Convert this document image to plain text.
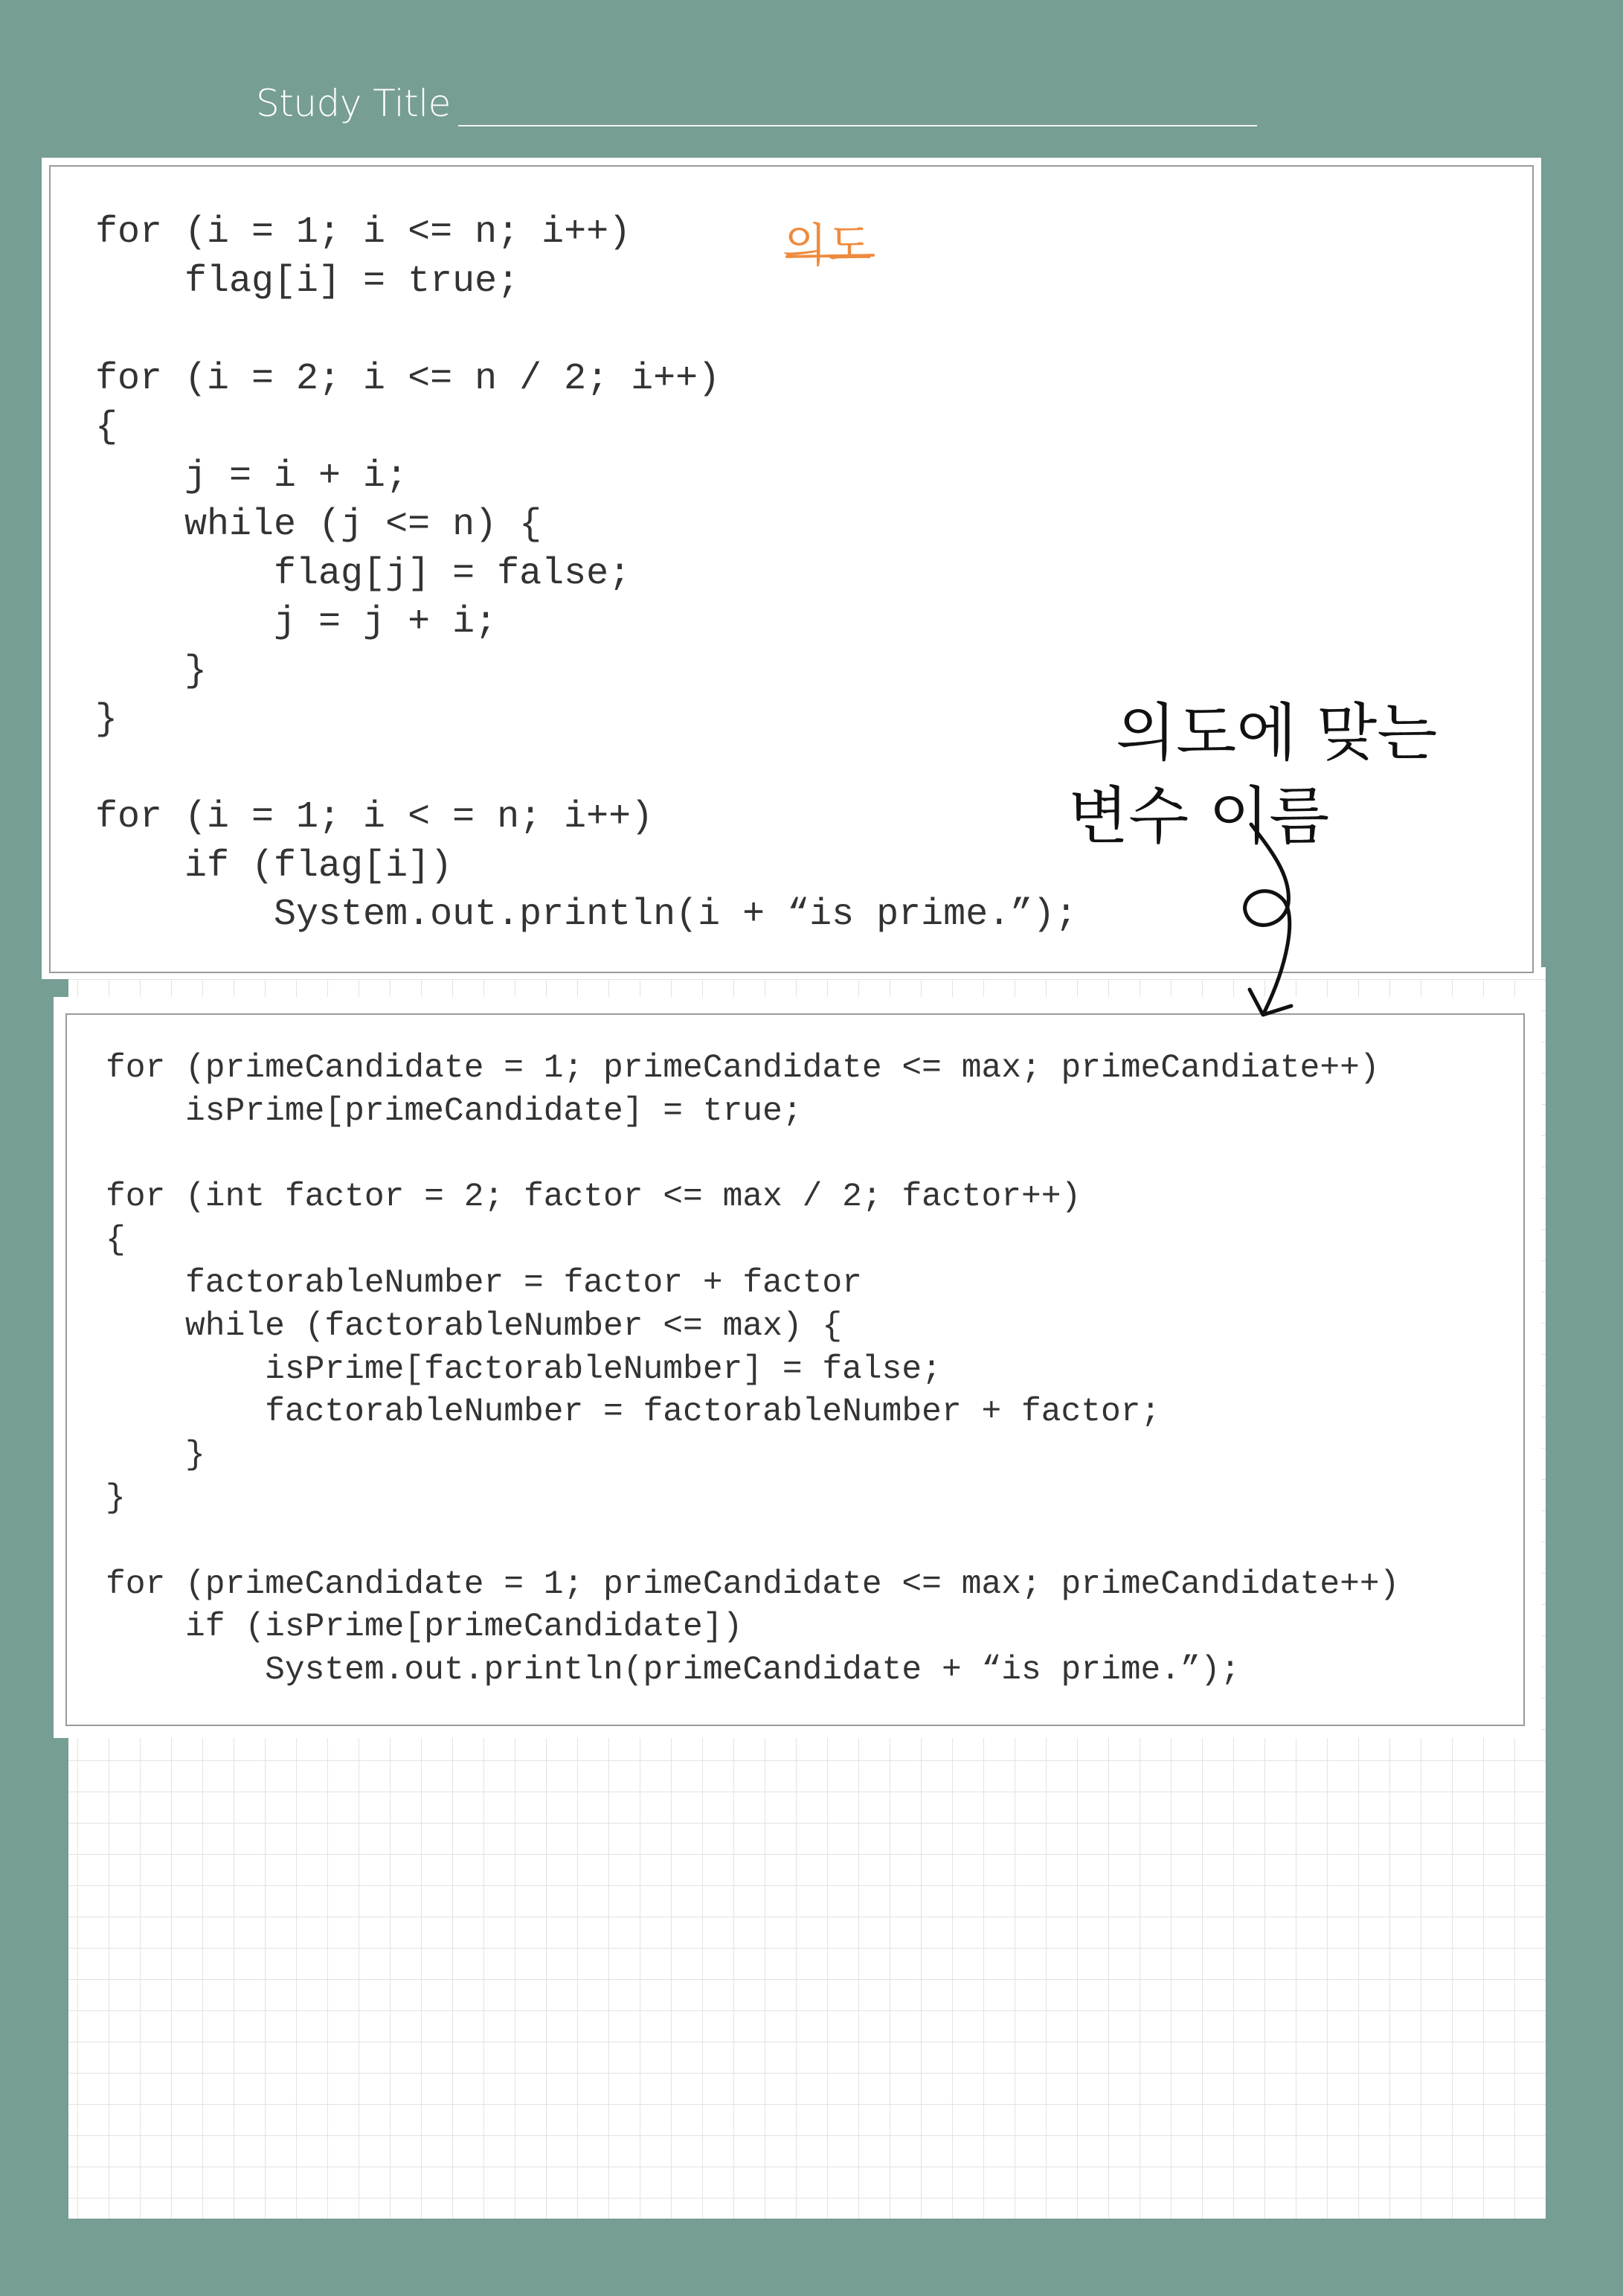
Study Title
for (i = 1; i <= n; i++)
flag[i] = true;

for (i = 2; i <= n / 2; i++)
{
j = i + i;
while (j <= n) {
flag[j] = false;
j = j + i;
}
}

for (i = 1; i < = n; i++)
if (flag[i])
System.out.println(i + “is prime.”);
for (primeCandidate = 1; primeCandidate <= max; primeCandiate++)
isPrime[primeCandidate] = true;

for (int factor = 2; factor <= max / 2; factor++)
{
factorableNumber = factor + factor
while (factorableNumber <= max) {
isPrime[factorableNumber] = false;
factorableNumber = factorableNumber + factor;
}
}

for (primeCandidate = 1; primeCandidate <= max; primeCandidate++)
if (isPrime[primeCandidate])
System.out.println(primeCandidate + “is prime.”);
의도
의도에 맞는
변수 이름
